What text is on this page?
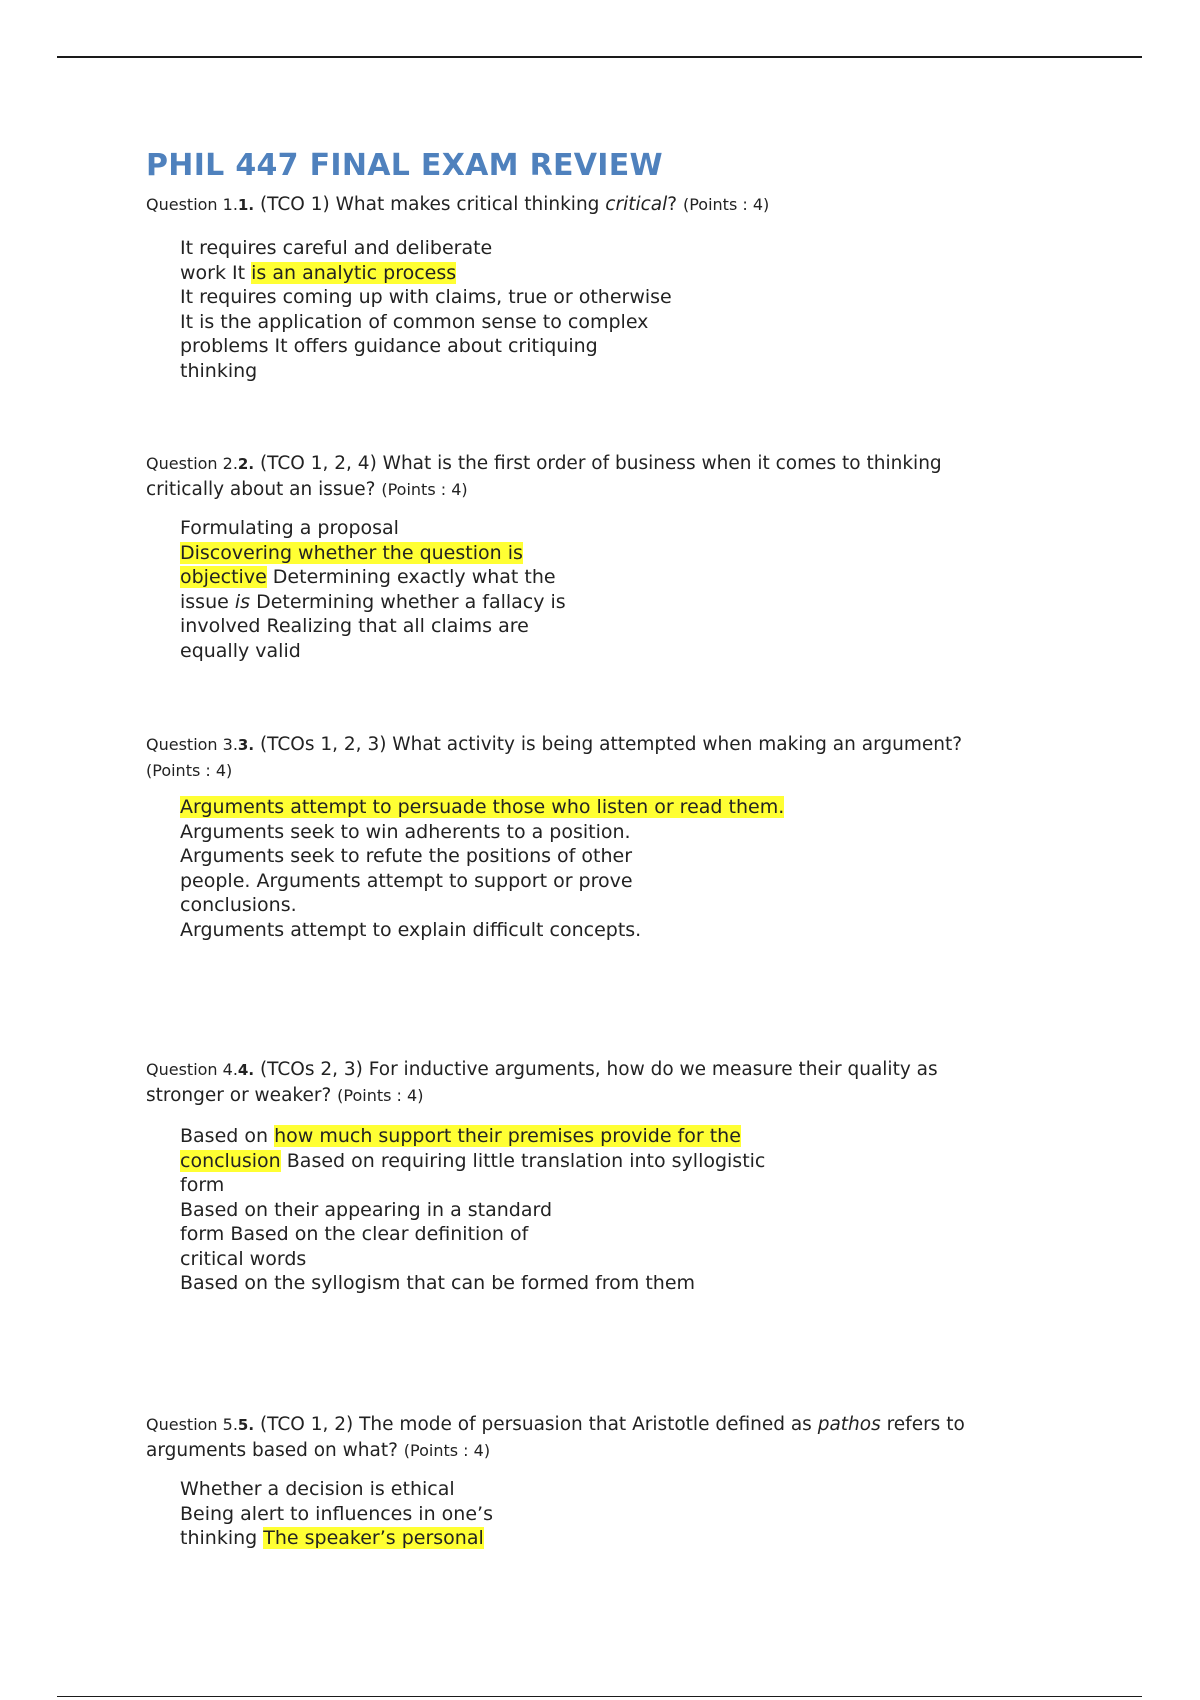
PHIL 447 FINAL EXAM REVIEW
Question 1.1. (TCO 1) What makes critical thinking critical? (Points : 4)
It requires careful and deliberate
work It is an analytic process
It requires coming up with claims, true or otherwise
It is the application of common sense to complex
problems It offers guidance about critiquing
thinking
Question 2.2. (TCO 1, 2, 4) What is the first order of business when it comes to thinking
critically about an issue? (Points : 4)
Formulating a proposal
Discovering whether the question is
objective Determining exactly what the
issue is Determining whether a fallacy is
involved Realizing that all claims are
equally valid
Question 3.3. (TCOs 1, 2, 3) What activity is being attempted when making an argument?
(Points : 4)
Arguments attempt to persuade those who listen or read them.
Arguments seek to win adherents to a position.
Arguments seek to refute the positions of other
people. Arguments attempt to support or prove
conclusions.
Arguments attempt to explain difficult concepts.
Question 4.4. (TCOs 2, 3) For inductive arguments, how do we measure their quality as
stronger or weaker? (Points : 4)
Based on how much support their premises provide for the
conclusion Based on requiring little translation into syllogistic
form
Based on their appearing in a standard
form Based on the clear definition of
critical words
Based on the syllogism that can be formed from them
Question 5.5. (TCO 1, 2) The mode of persuasion that Aristotle defined as pathos refers to
arguments based on what? (Points : 4)
Whether a decision is ethical
Being alert to influences in one’s
thinking The speaker’s personal
